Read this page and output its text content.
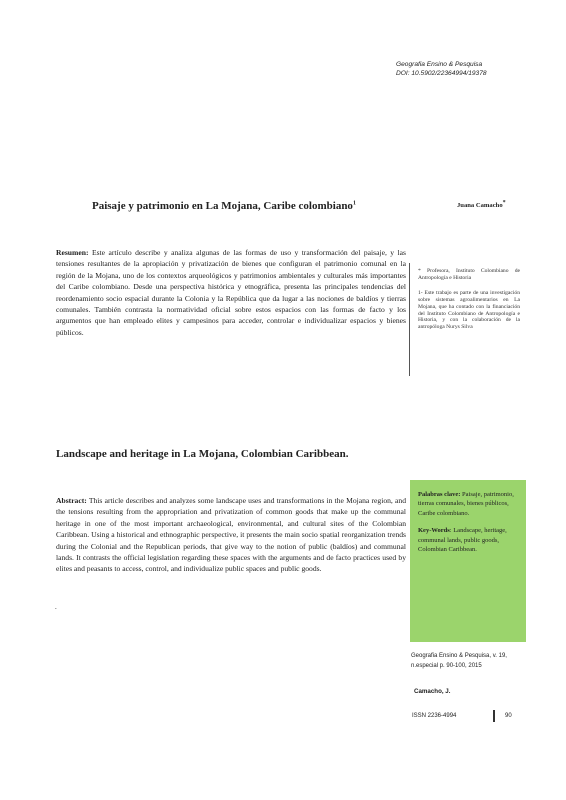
Geografia Ensino & Pesquisa
DOI: 10.5902/22364994/19378
Paisaje y patrimonio en La Mojana, Caribe colombiano$^1$	Juana Camacho*
Resumen: Este artículo describe y analiza algunas de las formas de uso y transformación del paisaje, y las tensiones resultantes de la apropiación y privatización de bienes que configuran el patrimonio comunal en la región de la Mojana, uno de los contextos arqueológicos y patrimonios ambientales y culturales más importantes del Caribe colombiano. Desde una perspectiva histórica y etnográfica, presenta las principales tendencias del reordenamiento socio espacial durante la Colonia y la República que da lugar a las nociones de baldíos y tierras comunales. También contrasta la normatividad oficial sobre estos espacios con las formas de facto y los argumentos que han empleado elites y campesinos para acceder, controlar e individualizar espacios y bienes públicos.

* Profesora, Instituto Colombiano de Antropología e Historia

1- Este trabajo es parte de una investigación sobre sistemas agroalimentarios en La Mojana, que ha contado con la financiación del Instituto Colombiano de Antropología e Historia, y con la colaboración de la antropóloga Nurys Silva

Landscape and heritage in La Mojana, Colombian Caribbean.
Abstract: This article describes and analyzes some landscape uses and transformations in the Mojana region, and the tensions resulting from the appropriation and privatization of common goods that make up the communal heritage in one of the most important archaeological, environmental, and cultural sites of the Colombian Caribbean. Using a historical and ethnographic perspective, it presents the main socio spatial reorganization trends during the Colonial and the Republican periods, that give way to the notion of public (baldíos) and communal lands. It contrasts the official legislation regarding these spaces with the arguments and de facto practices used by elites and peasants to access, control, and individualize public spaces and public goods.
.

Palabras clave: Paisaje, patrimonio, tierras comunales, bienes públicos, Caribe colombiano.

Key-Words: Landscape, heritage, communal lands, public goods, Colombian Caribbean.

Geografia Ensino & Pesquisa, v. 19, n.especial p. 90-100, 2015
Camacho, J.
ISSN 2236-4994	90
